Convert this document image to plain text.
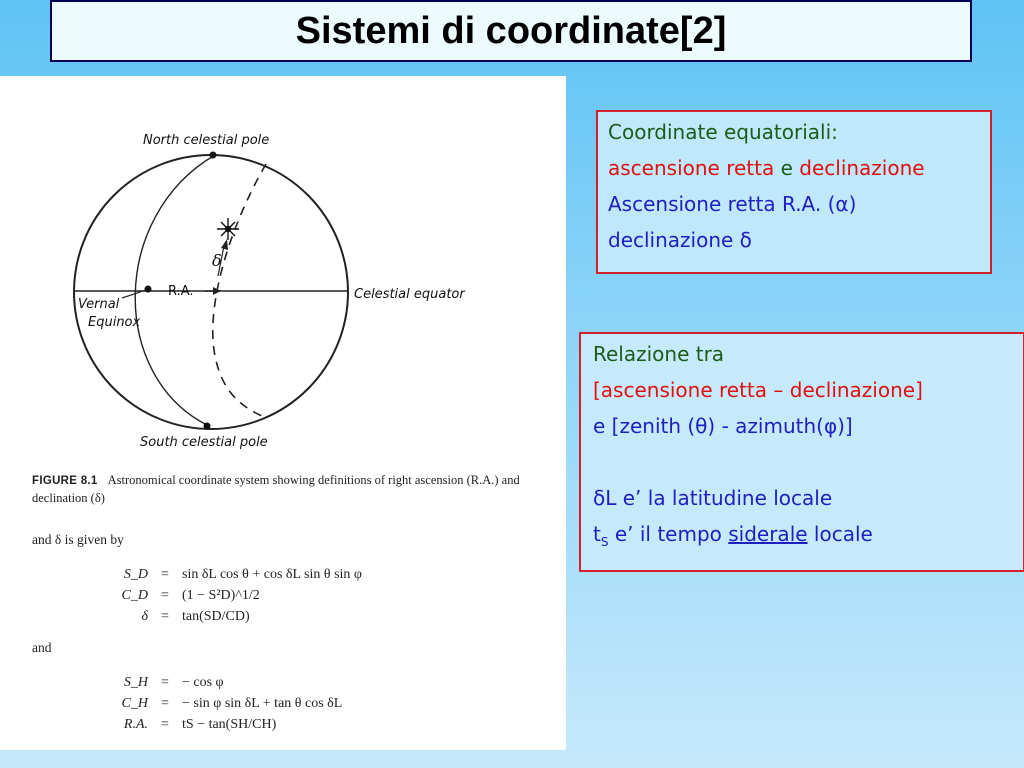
Sistemi di coordinate[2]
North celestial pole
South celestial pole
Celestial equator
Vernal
Equinox
R.A.
δ
FIGURE 8.1 Astronomical coordinate system showing definitions of right ascension (R.A.) and declination (δ)
and δ is given by
S_D = sin δL cos θ + cos δL sin θ sin φ
C_D = (1 − S²D)^1/2
δ = tan(SD/CD)
and
S_H = − cos φ
C_H = − sin φ sin δL + tan θ cos δL
R.A. = tS − tan(SH/CH)
Coordinate equatoriali:
ascensione retta e declinazione
Ascensione retta R.A. (α)
declinazione δ
Relazione tra
[ascensione retta – declinazione]
e [zenith (θ) - azimuth(φ)]

δL e’ la latitudine locale
$t_S$ e’ il tempo siderale locale
